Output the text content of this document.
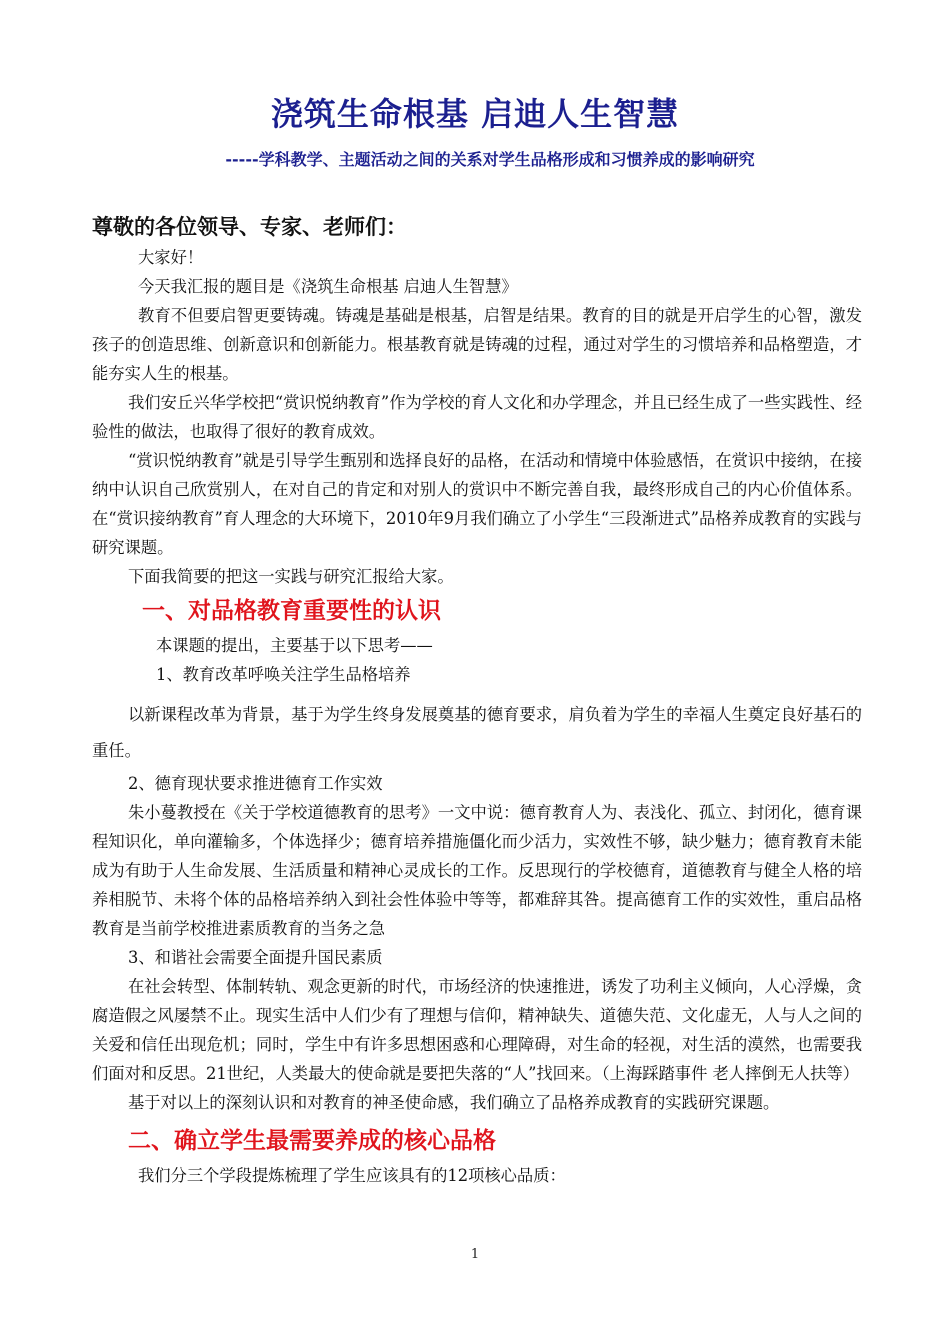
浇筑生命根基 启迪人生智慧
-----学科教学、主题活动之间的关系对学生品格形成和习惯养成的影响研究
尊敬的各位领导、专家、老师们：

大家好！

今天我汇报的题目是《浇筑生命根基 启迪人生智慧》

教育不但要启智更要铸魂。铸魂是基础是根基，启智是结果。教育的目的就是开启学生的心智，激发孩子的创造思维、创新意识和创新能力。根基教育就是铸魂的过程，通过对学生的习惯培养和品格塑造，才能夯实人生的根基。

我们安丘兴华学校把“赏识悦纳教育”作为学校的育人文化和办学理念，并且已经生成了一些实践性、经验性的做法，也取得了很好的教育成效。

“赏识悦纳教育”就是引导学生甄别和选择良好的品格，在活动和情境中体验感悟，在赏识中接纳，在接纳中认识自己欣赏别人，在对自己的肯定和对别人的赏识中不断完善自我，最终形成自己的内心价值体系。在“赏识接纳教育”育人理念的大环境下，2010年9月我们确立了小学生“三段渐进式”品格养成教育的实践与研究课题。

下面我简要的把这一实践与研究汇报给大家。

一、对品格教育重要性的认识

本课题的提出，主要基于以下思考——

1、教育改革呼唤关注学生品格培养

以新课程改革为背景，基于为学生终身发展奠基的德育要求，肩负着为学生的幸福人生奠定良好基石的重任。

2、德育现状要求推进德育工作实效

朱小蔓教授在《关于学校道德教育的思考》一文中说：德育教育人为、表浅化、孤立、封闭化，德育课程知识化，单向灌输多，个体选择少；德育培养措施僵化而少活力，实效性不够，缺少魅力；德育教育未能成为有助于人生命发展、生活质量和精神心灵成长的工作。反思现行的学校德育，道德教育与健全人格的培养相脱节、未将个体的品格培养纳入到社会性体验中等等，都难辞其咎。提高德育工作的实效性，重启品格教育是当前学校推进素质教育的当务之急

3、和谐社会需要全面提升国民素质

在社会转型、体制转轨、观念更新的时代，市场经济的快速推进，诱发了功利主义倾向，人心浮燥，贪腐造假之风屡禁不止。现实生活中人们少有了理想与信仰，精神缺失、道德失范、文化虚无，人与人之间的关爱和信任出现危机；同时，学生中有许多思想困惑和心理障碍，对生命的轻视，对生活的漠然，也需要我们面对和反思。21世纪，人类最大的使命就是要把失落的“人”找回来。（上海踩踏事件 老人摔倒无人扶等）

基于对以上的深刻认识和对教育的神圣使命感，我们确立了品格养成教育的实践研究课题。

二、确立学生最需要养成的核心品格

我们分三个学段提炼梳理了学生应该具有的12项核心品质：

1
